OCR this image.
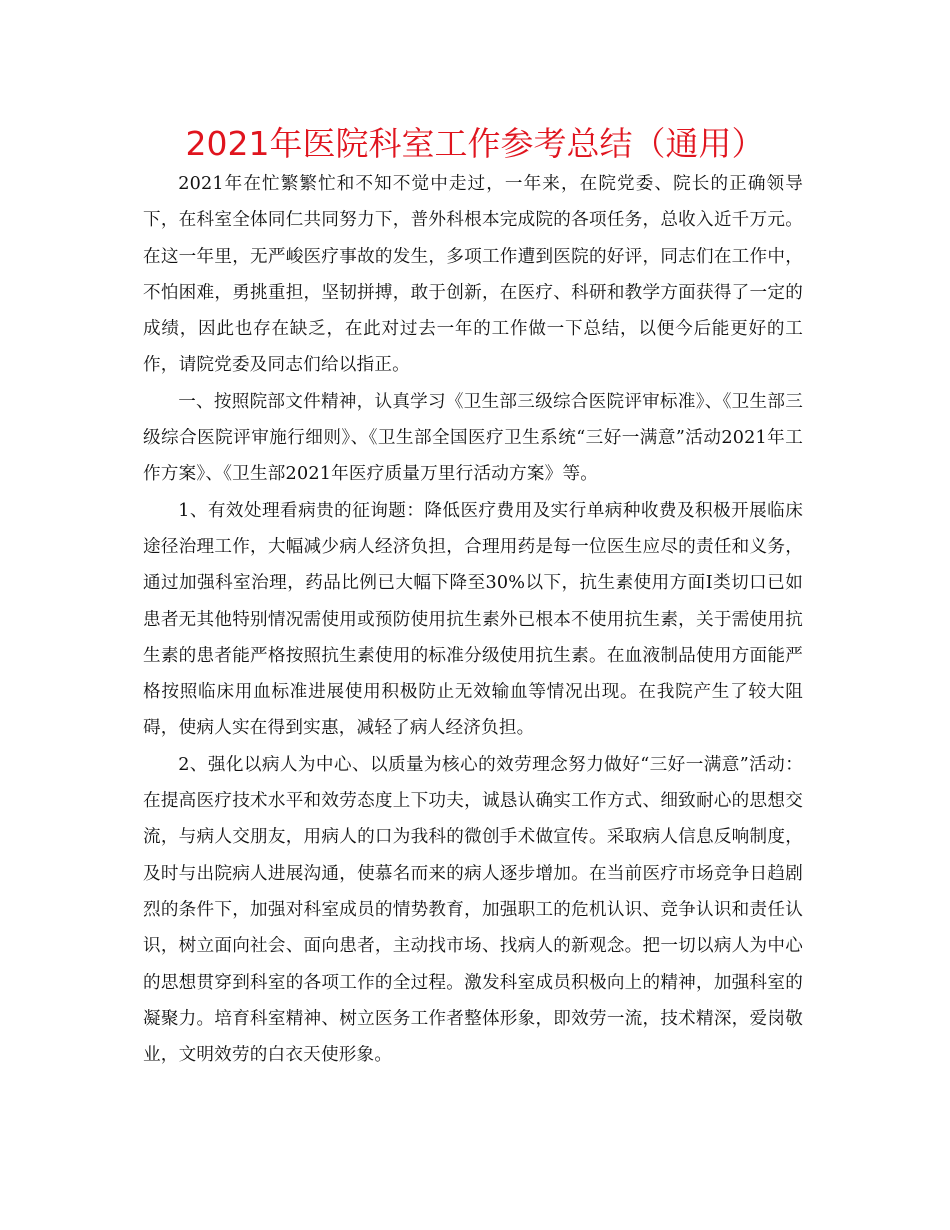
2021年医院科室工作参考总结（通用）

2021年在忙繁繁忙和不知不觉中走过，一年来，在院党委、院长的正确领导下，在科室全体同仁共同努力下，普外科根本完成院的各项任务，总收入近千万元。在这一年里，无严峻医疗事故的发生，多项工作遭到医院的好评，同志们在工作中，不怕困难，勇挑重担，坚韧拼搏，敢于创新，在医疗、科研和教学方面获得了一定的成绩，因此也存在缺乏，在此对过去一年的工作做一下总结，以便今后能更好的工作，请院党委及同志们给以指正。

一、按照院部文件精神，认真学习《卫生部三级综合医院评审标准》、《卫生部三级综合医院评审施行细则》、《卫生部全国医疗卫生系统“三好一满意”活动2021年工作方案》、《卫生部2021年医疗质量万里行活动方案》等。

1、有效处理看病贵的征询题：降低医疗费用及实行单病种收费及积极开展临床途径治理工作，大幅减少病人经济负担，合理用药是每一位医生应尽的责任和义务，通过加强科室治理，药品比例已大幅下降至30%以下，抗生素使用方面I类切口已如患者无其他特别情况需使用或预防使用抗生素外已根本不使用抗生素，关于需使用抗生素的患者能严格按照抗生素使用的标准分级使用抗生素。在血液制品使用方面能严格按照临床用血标准进展使用积极防止无效输血等情况出现。在我院产生了较大阻碍，使病人实在得到实惠，减轻了病人经济负担。

2、强化以病人为中心、以质量为核心的效劳理念努力做好“三好一满意”活动：在提高医疗技术水平和效劳态度上下功夫，诚恳认确实工作方式、细致耐心的思想交流，与病人交朋友，用病人的口为我科的微创手术做宣传。采取病人信息反响制度，及时与出院病人进展沟通，使慕名而来的病人逐步增加。在当前医疗市场竞争日趋剧烈的条件下，加强对科室成员的情势教育，加强职工的危机认识、竞争认识和责任认识，树立面向社会、面向患者，主动找市场、找病人的新观念。把一切以病人为中心的思想贯穿到科室的各项工作的全过程。激发科室成员积极向上的精神，加强科室的凝聚力。培育科室精神、树立医务工作者整体形象，即效劳一流，技术精深，爱岗敬业，文明效劳的白衣天使形象。
